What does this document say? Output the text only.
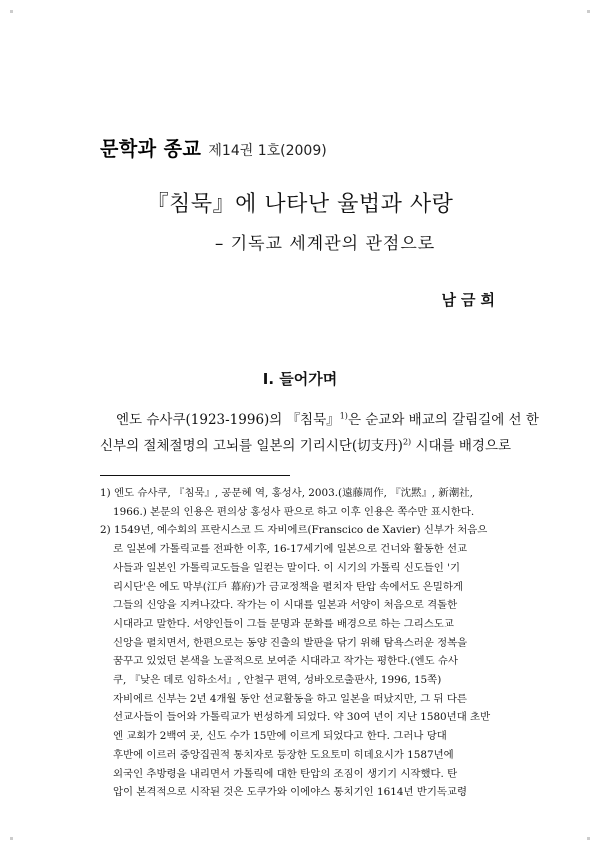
문학과 종교 제14권 1호(2009)
『침묵』에 나타난 율법과 사랑
– 기독교 세계관의 관점으로
남금희
Ⅰ. 들어가며
엔도 슈사쿠(1923-1996)의 『침묵』$^{1)}$은 순교와 배교의 갈림길에 선 한
신부의 절체절명의 고뇌를 일본의 기리시단(切支丹)$^{2)}$ 시대를 배경으로
1) 엔도 슈사쿠, 『침묵』, 공문혜 역, 홍성사, 2003.(遠藤周作, 『沈黙』, 新潮社,
1966.) 본문의 인용은 편의상 홍성사 판으로 하고 이후 인용은 쪽수만 표시한다.
2) 1549년, 예수회의 프란시스코 드 자비에르(Franscico de Xavier) 신부가 처음으
로 일본에 가톨릭교를 전파한 이후, 16-17세기에 일본으로 건너와 활동한 선교
사들과 일본인 가톨릭교도들을 일컫는 말이다. 이 시기의 가톨릭 신도들인 '기
리시단'은 에도 막부(江戶 幕府)가 금교정책을 펼치자 탄압 속에서도 은밀하게
그들의 신앙을 지켜나갔다. 작가는 이 시대를 일본과 서양이 처음으로 격돌한
시대라고 말한다. 서양인들이 그들 문명과 문화를 배경으로 하는 그리스도교
신앙을 펼치면서, 한편으로는 동양 진출의 발판을 닦기 위해 탐욕스러운 정복을
꿈꾸고 있었던 본색을 노골적으로 보여준 시대라고 작가는 평한다.(엔도 슈사
쿠, 『낮은 데로 임하소서』, 안철구 편역, 성바오로출판사, 1996, 15쪽)
자비에르 신부는 2년 4개월 동안 선교활동을 하고 일본을 떠났지만, 그 뒤 다른
선교사들이 들어와 가톨릭교가 번성하게 되었다. 약 30여 년이 지난 1580년대 초반
엔 교회가 2백여 곳, 신도 수가 15만에 이르게 되었다고 한다. 그러나 당대
후반에 이르러 중앙집권적 통치자로 등장한 도요토미 히데요시가 1587년에
외국인 추방령을 내리면서 가톨릭에 대한 탄압의 조짐이 생기기 시작했다. 탄
압이 본격적으로 시작된 것은 도쿠가와 이에야스 통치기인 1614년 반기독교령
